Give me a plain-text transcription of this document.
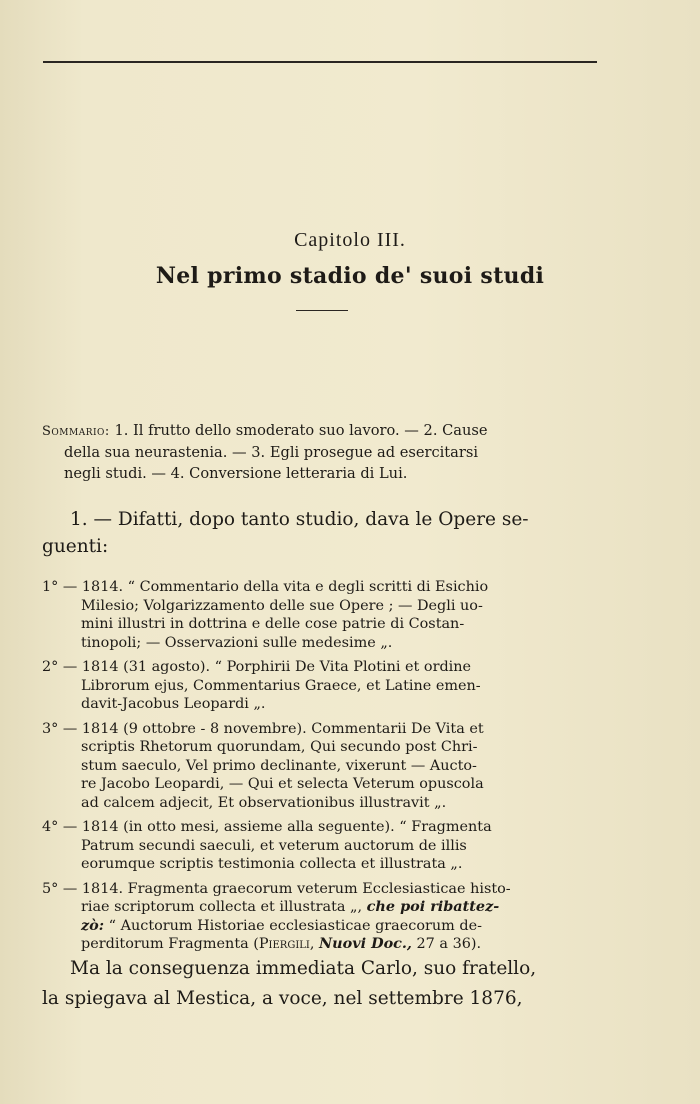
Capitolo III.
Nel primo stadio de' suoi studi
Sommario: 1. Il frutto dello smoderato suo lavoro. — 2. Cause
della sua neurastenia. — 3. Egli prosegue ad esercitarsi
negli studi. — 4. Conversione letteraria di Lui.
1. — Difatti, dopo tanto studio, dava le Opere se-
guenti:
1° — 1814. “ Commentario della vita e degli scritti di Esichio
Milesio; Volgarizzamento delle sue Opere ; — Degli uo-
mini illustri in dottrina e delle cose patrie di Costan-
tinopoli; — Osservazioni sulle medesime „.
2° — 1814 (31 agosto). “ Porphirii De Vita Plotini et ordine
Librorum ejus, Commentarius Graece, et Latine emen-
davit-Jacobus Leopardi „.
3° — 1814 (9 ottobre - 8 novembre). Commentarii De Vita et
scriptis Rhetorum quorundam, Qui secundo post Chri-
stum saeculo, Vel primo declinante, vixerunt — Aucto-
re Jacobo Leopardi, — Qui et selecta Veterum opuscola
ad calcem adjecit, Et observationibus illustravit „.
4° — 1814 (in otto mesi, assieme alla seguente). “ Fragmenta
Patrum secundi saeculi, et veterum auctorum de illis
eorumque scriptis testimonia collecta et illustrata „.
5° — 1814. Fragmenta graecorum veterum Ecclesiasticae histo-
riae scriptorum collecta et illustrata „, che poi ribattez-
zò: “ Auctorum Historiae ecclesiasticae graecorum de-
perditorum Fragmenta (Piergili, Nuovi Doc., 27 a 36).
Ma la conseguenza immediata Carlo, suo fratello,
la spiegava al Mestica, a voce, nel settembre 1876,
